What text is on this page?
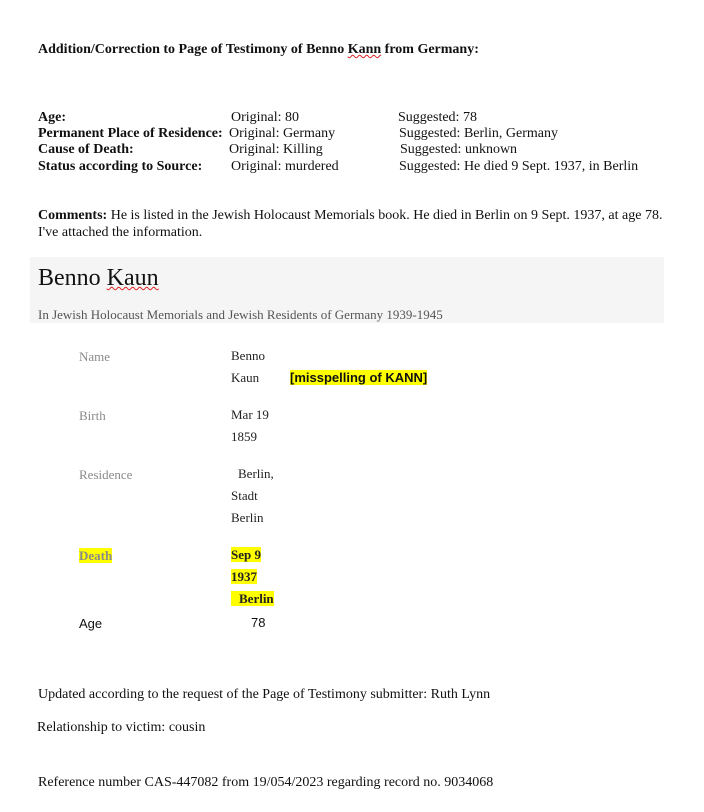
Addition/Correction to Page of Testimony of Benno Kann from Germany:
Age:	Original: 80	Suggested: 78
Permanent Place of Residence: Original: Germany	Suggested: Berlin, Germany
Cause of Death:	Original: Killing	Suggested: unknown
Status according to Source: Original: murdered	Suggested: He died 9 Sept. 1937, in Berlin
Comments: He is listed in the Jewish Holocaust Memorials book. He died in Berlin on 9 Sept. 1937, at age 78. I've attached the information.
Benno Kaun
In Jewish Holocaust Memorials and Jewish Residents of Germany 1939-1945
Name	Benno
Kaun	[misspelling of KANN]
Birth	Mar 19
1859
Residence	Berlin,
Stadt
Berlin
Death	Sep 9
1937
Berlin
Age	78
Updated according to the request of the Page of Testimony submitter: Ruth Lynn
Relationship to victim: cousin
Reference number CAS-447082 from 19/054/2023 regarding record no. 9034068
